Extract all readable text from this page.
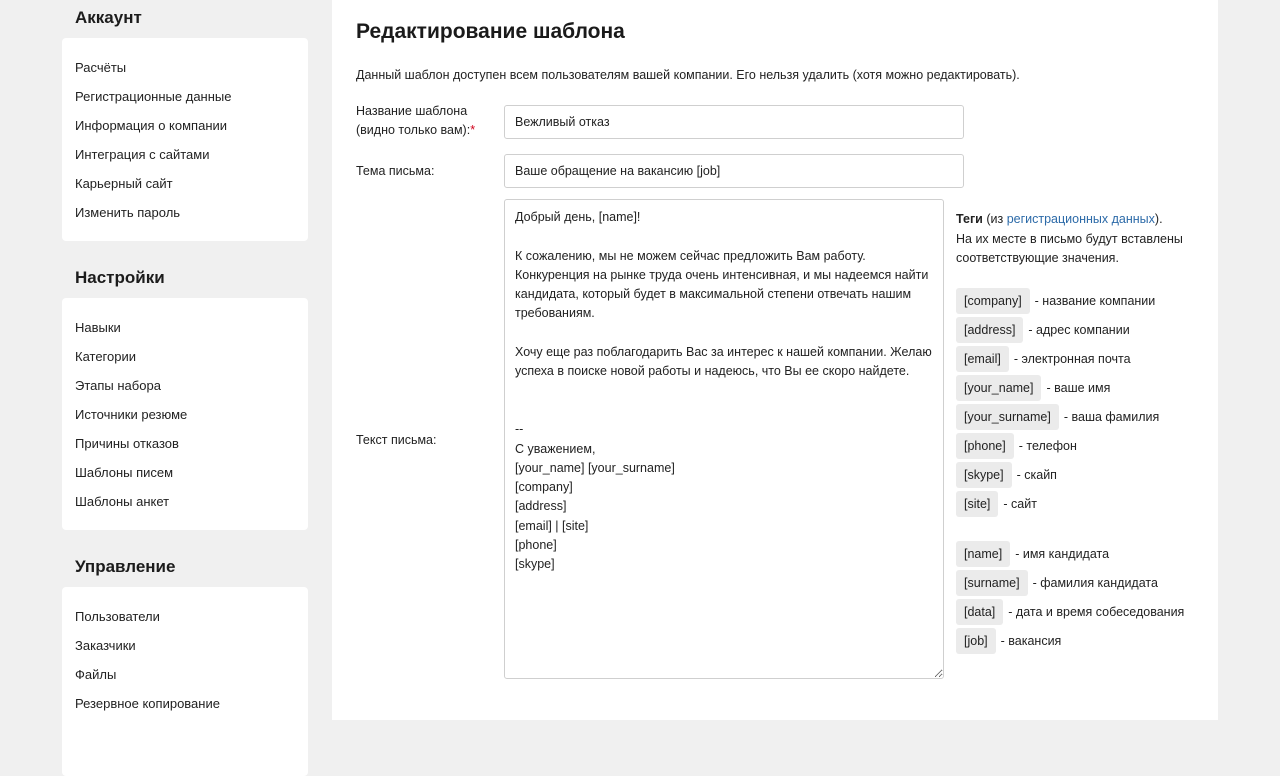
Аккаунт
Расчёты
Регистрационные данные
Информация о компании
Интеграция с сайтами
Карьерный сайт
Изменить пароль
Настройки
Навыки
Категории
Этапы набора
Источники резюме
Причины отказов
Шаблоны писем
Шаблоны анкет
Управление
Пользователи
Заказчики
Файлы
Резервное копирование
Редактирование шаблона
Данный шаблон доступен всем пользователям вашей компании. Его нельзя удалить (хотя можно редактировать).
Название шаблона
(видно только вам):*
Вежливый отказ
Тема письма:
Ваше обращение на вакансию [job]
Текст письма:
Добрый день, [name]! К сожалению, мы не можем сейчас предложить Вам работу. Конкуренция на рынке труда очень интенсивная, и мы надеемся найти кандидата, который будет в максимальной степени отвечать нашим требованиям. Хочу еще раз поблагодарить Вас за интерес к нашей компании. Желаю успеха в поиске новой работы и надеюсь, что Вы ее скоро найдете. -- С уважением, [your_name] [your_surname] [company] [address] [email] | [site] [phone] [skype]
Теги (из регистрационных данных).
На их месте в письмо будут вставлены соответствующие значения.
[company]	- название компании
[address]	- адрес компании
[email]	- электронная почта
[your_name]	- ваше имя
[your_surname]	- ваша фамилия
[phone]	- телефон
[skype]	- скайп
[site]	- сайт
[name]	- имя кандидата
[surname]	- фамилия кандидата
[data]	- дата и время собеседования
[job]	- вакансия
